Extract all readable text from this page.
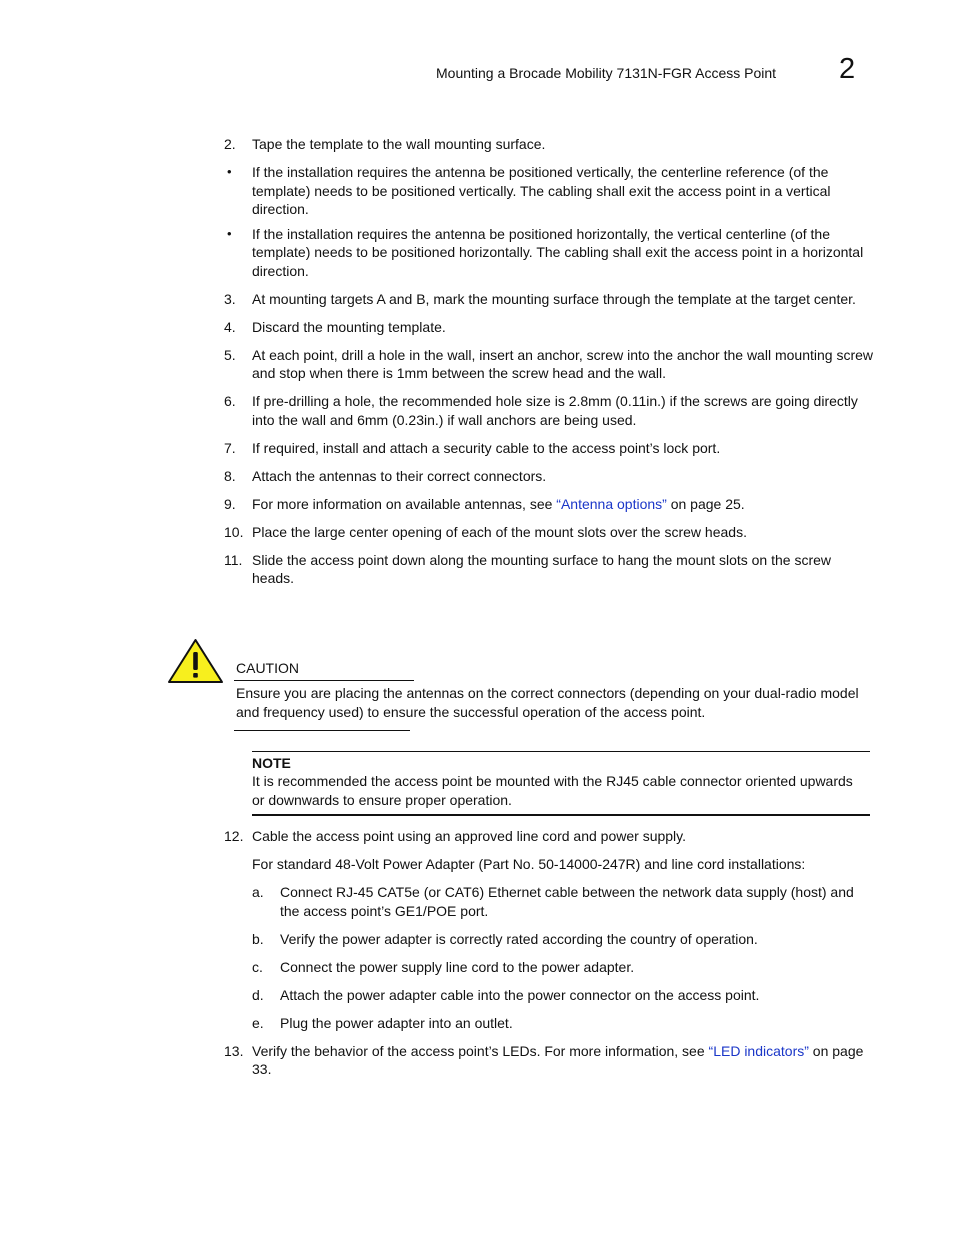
Mounting a Brocade Mobility 7131N-FGR Access Point 2
2. Tape the template to the wall mounting surface.
• If the installation requires the antenna be positioned vertically, the centerline reference (of the template) needs to be positioned vertically. The cabling shall exit the access point in a vertical direction.
• If the installation requires the antenna be positioned horizontally, the vertical centerline (of the template) needs to be positioned horizontally. The cabling shall exit the access point in a horizontal direction.
3. At mounting targets A and B, mark the mounting surface through the template at the target center.
4. Discard the mounting template.
5. At each point, drill a hole in the wall, insert an anchor, screw into the anchor the wall mounting screw and stop when there is 1mm between the screw head and the wall.
6. If pre-drilling a hole, the recommended hole size is 2.8mm (0.11in.) if the screws are going directly into the wall and 6mm (0.23in.) if wall anchors are being used.
7. If required, install and attach a security cable to the access point’s lock port.
8. Attach the antennas to their correct connectors.
9. For more information on available antennas, see “Antenna options” on page 25.
10. Place the large center opening of each of the mount slots over the screw heads.
11. Slide the access point down along the mounting surface to hang the mount slots on the screw heads.
CAUTION
Ensure you are placing the antennas on the correct connectors (depending on your dual-radio model and frequency used) to ensure the successful operation of the access point.
NOTE
It is recommended the access point be mounted with the RJ45 cable connector oriented upwards or downwards to ensure proper operation.
12. Cable the access point using an approved line cord and power supply.
For standard 48-Volt Power Adapter (Part No. 50-14000-247R) and line cord installations:
a. Connect RJ-45 CAT5e (or CAT6) Ethernet cable between the network data supply (host) and the access point’s GE1/POE port.
b. Verify the power adapter is correctly rated according the country of operation.
c. Connect the power supply line cord to the power adapter.
d. Attach the power adapter cable into the power connector on the access point.
e. Plug the power adapter into an outlet.
13. Verify the behavior of the access point’s LEDs. For more information, see “LED indicators” on page 33.
